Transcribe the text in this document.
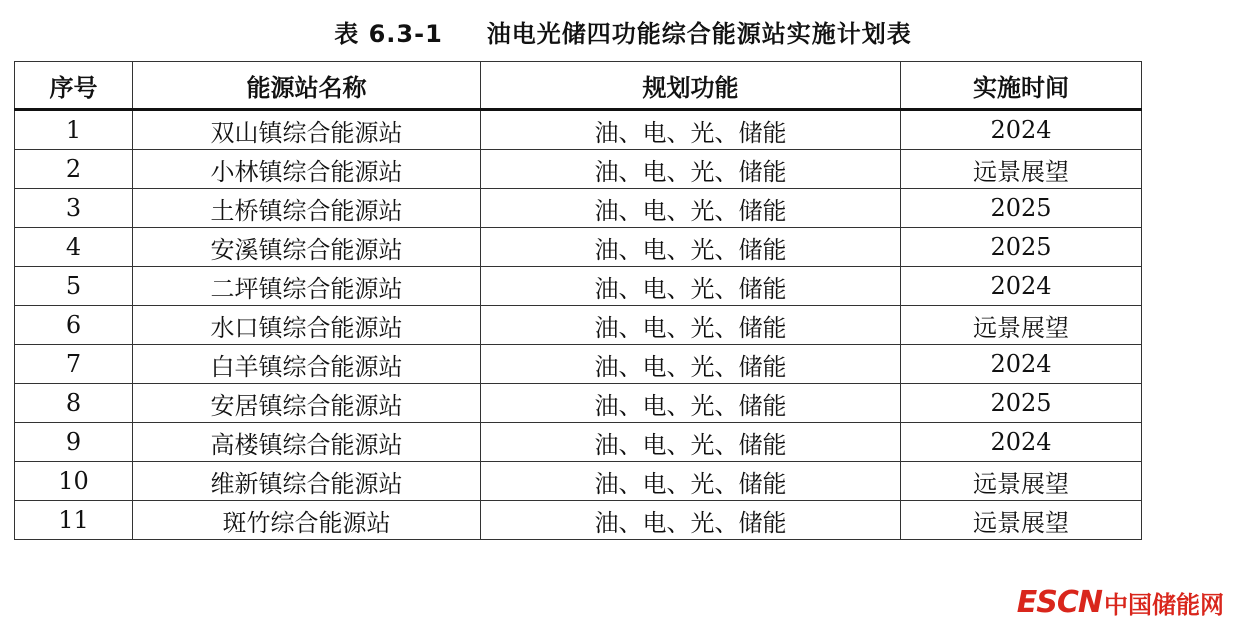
表 6.3-1 油电光储四功能综合能源站实施计划表
序号	能源站名称	规划功能	实施时间
1	双山镇综合能源站	油、电、光、储能	2024
2	小林镇综合能源站	油、电、光、储能	远景展望
3	土桥镇综合能源站	油、电、光、储能	2025
4	安溪镇综合能源站	油、电、光、储能	2025
5	二坪镇综合能源站	油、电、光、储能	2024
6	水口镇综合能源站	油、电、光、储能	远景展望
7	白羊镇综合能源站	油、电、光、储能	2024
8	安居镇综合能源站	油、电、光、储能	2025
9	高楼镇综合能源站	油、电、光、储能	2024
10	维新镇综合能源站	油、电、光、储能	远景展望
11	斑竹综合能源站	油、电、光、储能	远景展望
ESCN 中国储能网
